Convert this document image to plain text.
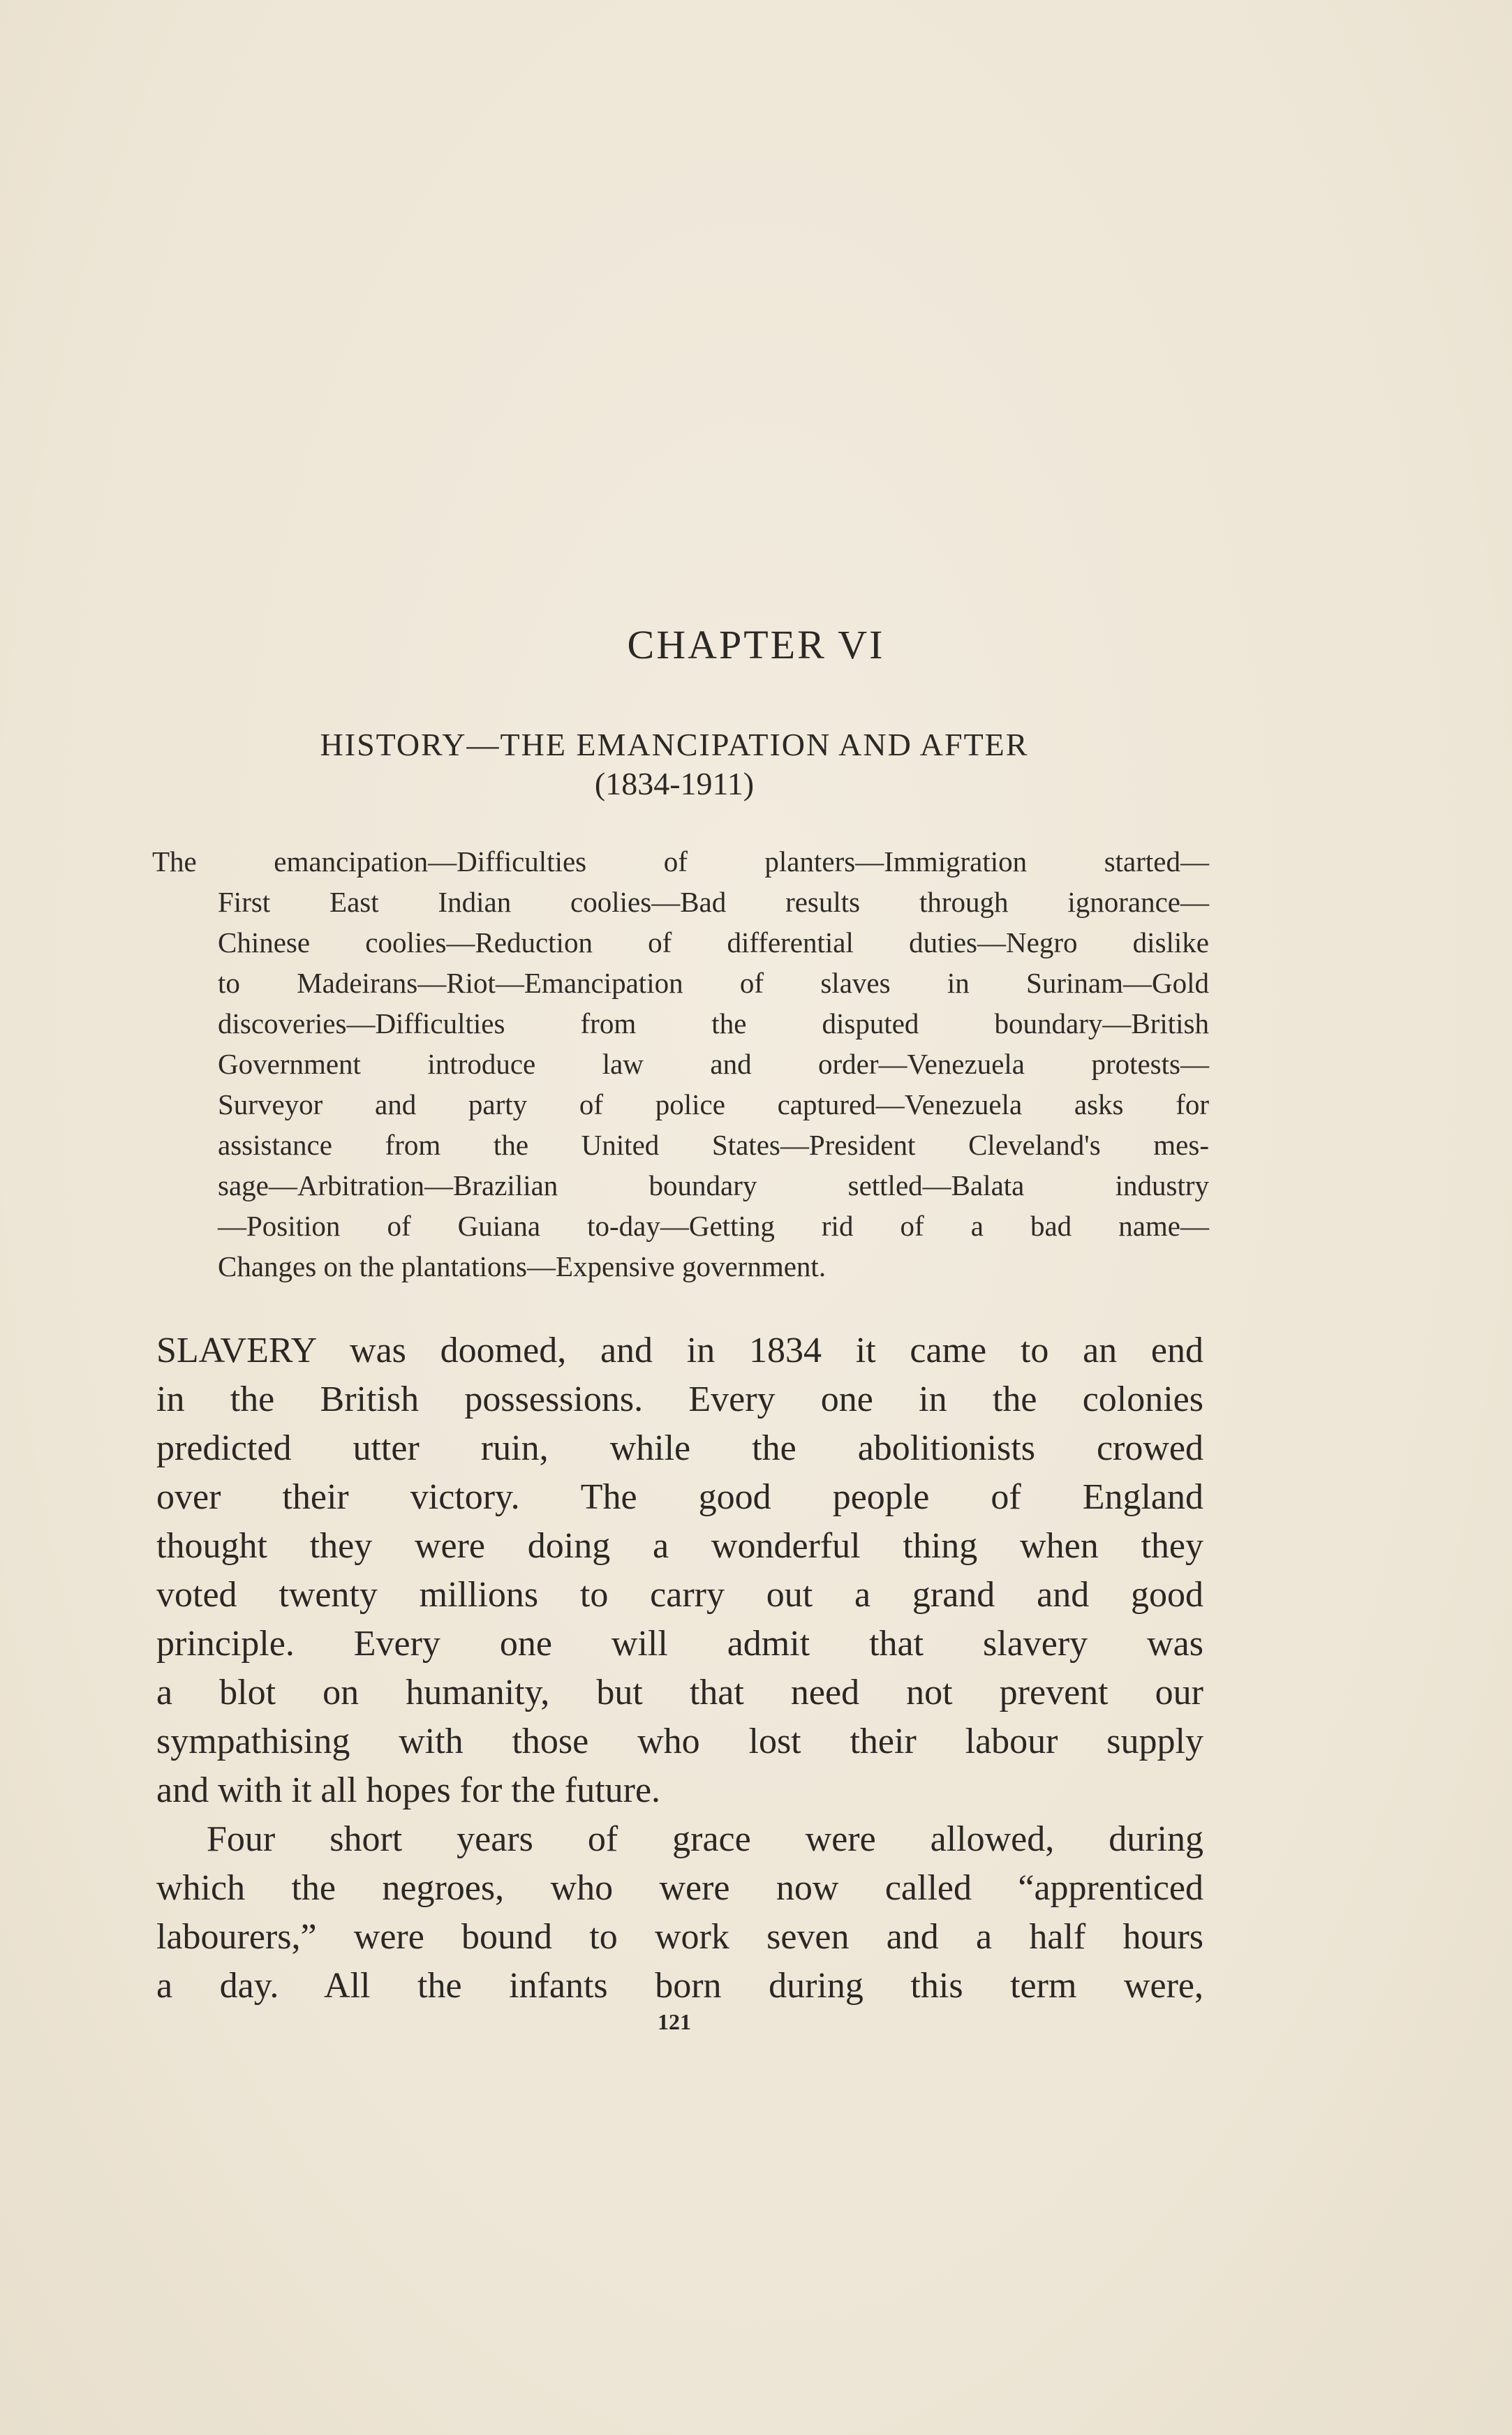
CHAPTER VI
HISTORY—THE EMANCIPATION AND AFTER
(1834-1911)
The emancipation—Difficulties of planters—Immigration started—
First East Indian coolies—Bad results through ignorance—
Chinese coolies—Reduction of differential duties—Negro dislike
to Madeirans—Riot—Emancipation of slaves in Surinam—Gold
discoveries—Difficulties from the disputed boundary—British
Government introduce law and order—Venezuela protests—
Surveyor and party of police captured—Venezuela asks for
assistance from the United States—President Cleveland's mes-
sage—Arbitration—Brazilian boundary settled—Balata industry
—Position of Guiana to-day—Getting rid of a bad name—
Changes on the plantations—Expensive government.
SLAVERY was doomed, and in 1834 it came to an end
in the British possessions. Every one in the colonies
predicted utter ruin, while the abolitionists crowed
over their victory. The good people of England
thought they were doing a wonderful thing when they
voted twenty millions to carry out a grand and good
principle. Every one will admit that slavery was
a blot on humanity, but that need not prevent our
sympathising with those who lost their labour supply
and with it all hopes for the future.
Four short years of grace were allowed, during
which the negroes, who were now called “apprenticed
labourers,” were bound to work seven and a half hours
a day. All the infants born during this term were,
121
